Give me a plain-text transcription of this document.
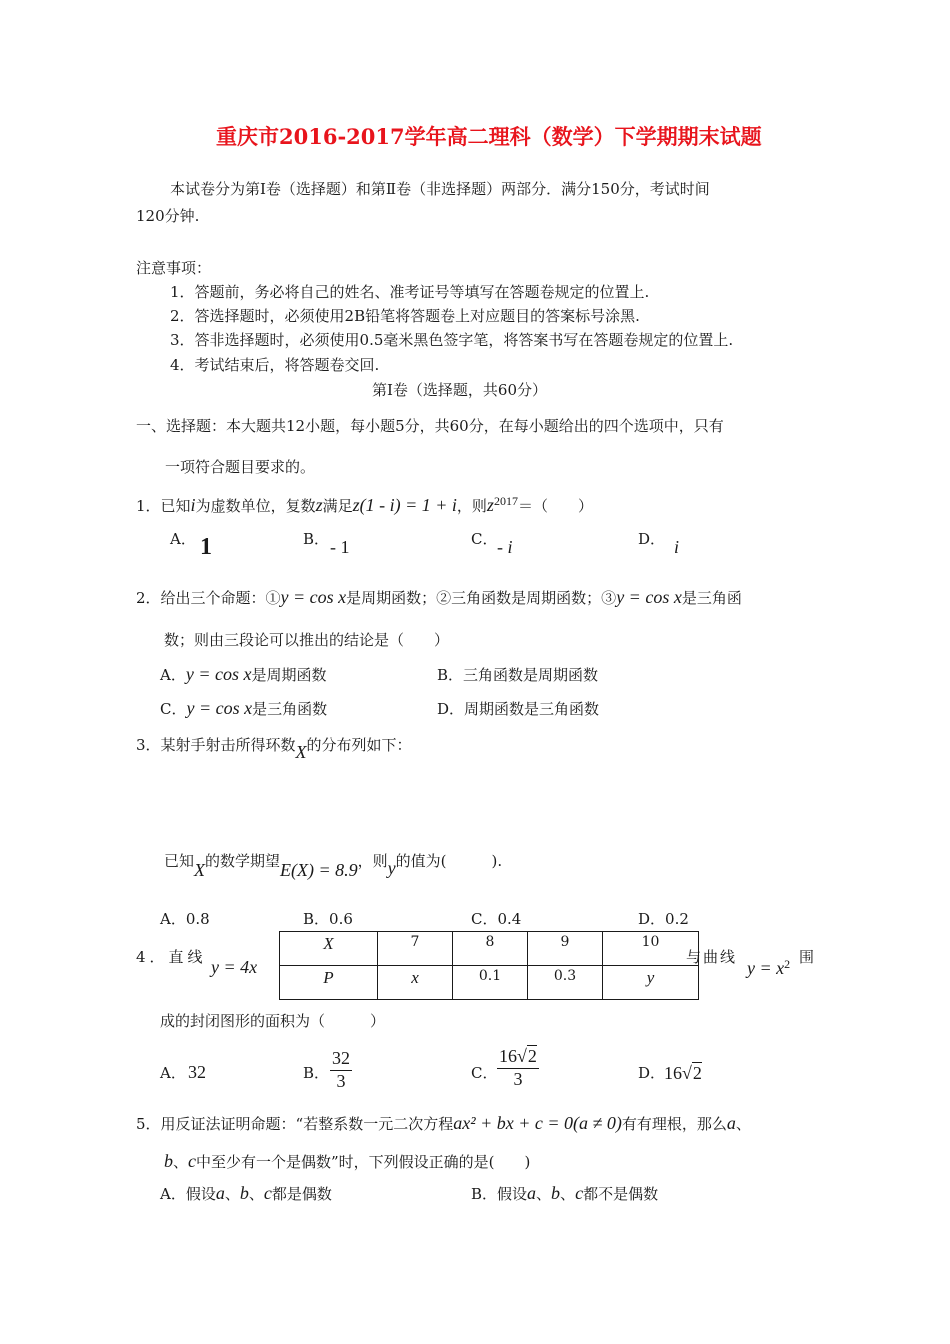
重庆市2016-2017学年高二理科（数学）下学期期末试题
本试卷分为第Ⅰ卷（选择题）和第Ⅱ卷（非选择题）两部分．满分150分，考试时间
120分钟.
注意事项：
1．答题前，务必将自己的姓名、准考证号等填写在答题卷规定的位置上.
2．答选择题时，必须使用2B铅笔将答题卷上对应题目的答案标号涂黑.
3．答非选择题时，必须使用0.5毫米黑色签字笔，将答案书写在答题卷规定的位置上.
4．考试结束后，将答题卷交回.
第Ⅰ卷（选择题，共60分）
一、选择题：本大题共12小题，每小题5分，共60分，在每小题给出的四个选项中，只有
一项符合题目要求的。
1．已知i为虚数单位，复数z满足z(1 - i) = 1 + i，则$z^{2017}=$（　　）
A． 1	B． - 1	C． - i	D． i
2．给出三个命题：①y = cos x是周期函数；②三角函数是周期函数；③y = cos x是三角函
数；则由三段论可以推出的结论是（　　）
A．y = cos x是周期函数	B．三角函数是周期函数
C．y = cos x是三角函数	D．周期函数是三角函数
3．某射手射击所得环数X的分布列如下：
已知X的数学期望E(X) = 8.9，则y的值为(　　　).
A．0.8	B．0.6	C．0.4	D．0.2
X	7	8	9	10
P	x	0.1	0.3	y
4．直线 y = 4x	与曲线
$y = x^2$ 围
成的封闭图形的面积为（　　　）
A． 32	B． $\frac{32}{3}$	C． $\frac{16√2}{3}$	D．
16√2
5．用反证法证明命题：“若整系数一元二次方程ax² + bx + c = 0(a ≠ 0)有有理根，那么a、
b、c中至少有一个是偶数”时，下列假设正确的是(　　)
A．假设a、b、c都是偶数	B．假设a、b、c都不是偶数
